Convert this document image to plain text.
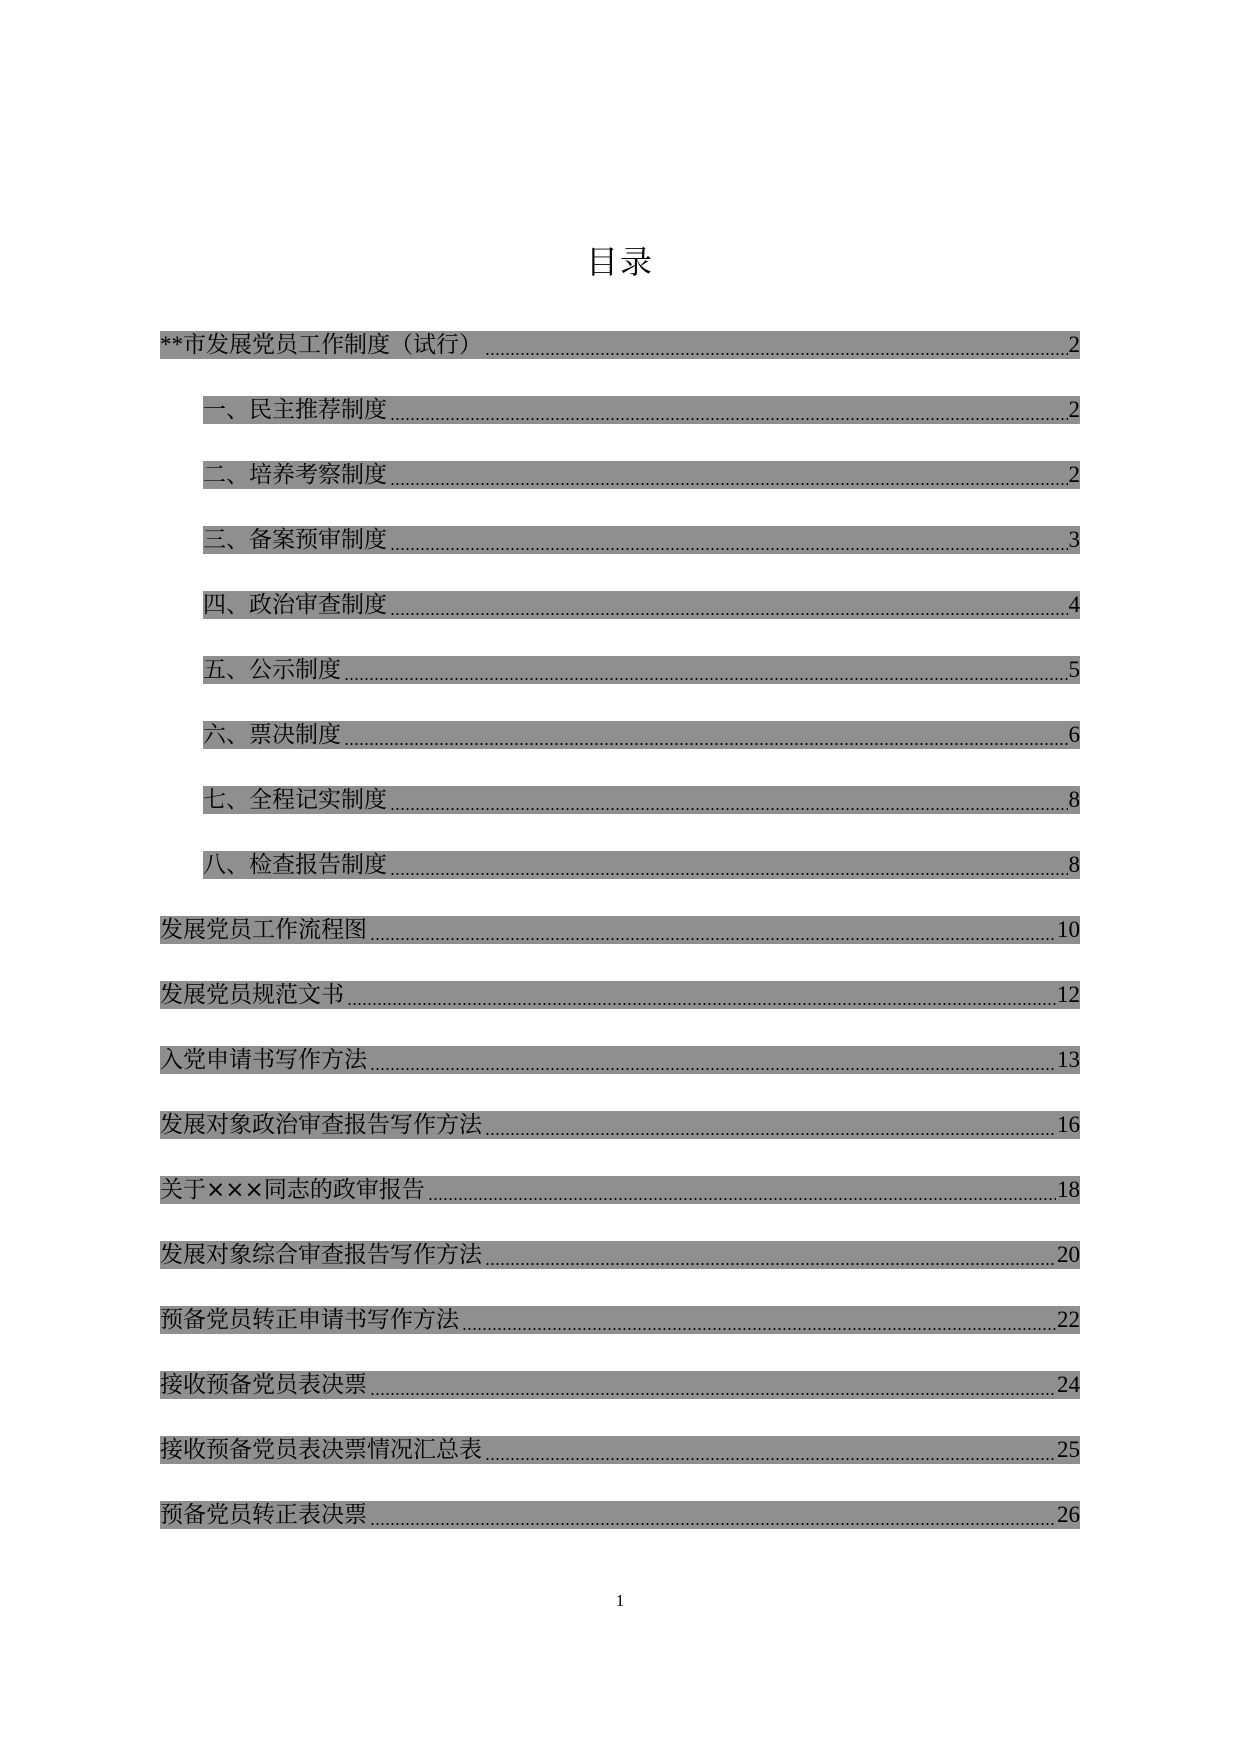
目录
**市发展党员工作制度（试行）	2
一、民主推荐制度	2
二、培养考察制度	2
三、备案预审制度	3
四、政治审查制度	4
五、公示制度	5
六、票决制度	6
七、全程记实制度	8
八、检查报告制度	8
发展党员工作流程图	10
发展党员规范文书	12
入党申请书写作方法	13
发展对象政治审查报告写作方法	16
关于×××同志的政审报告	18
发展对象综合审查报告写作方法	20
预备党员转正申请书写作方法	22
接收预备党员表决票	24
接收预备党员表决票情况汇总表	25
预备党员转正表决票	26
1
